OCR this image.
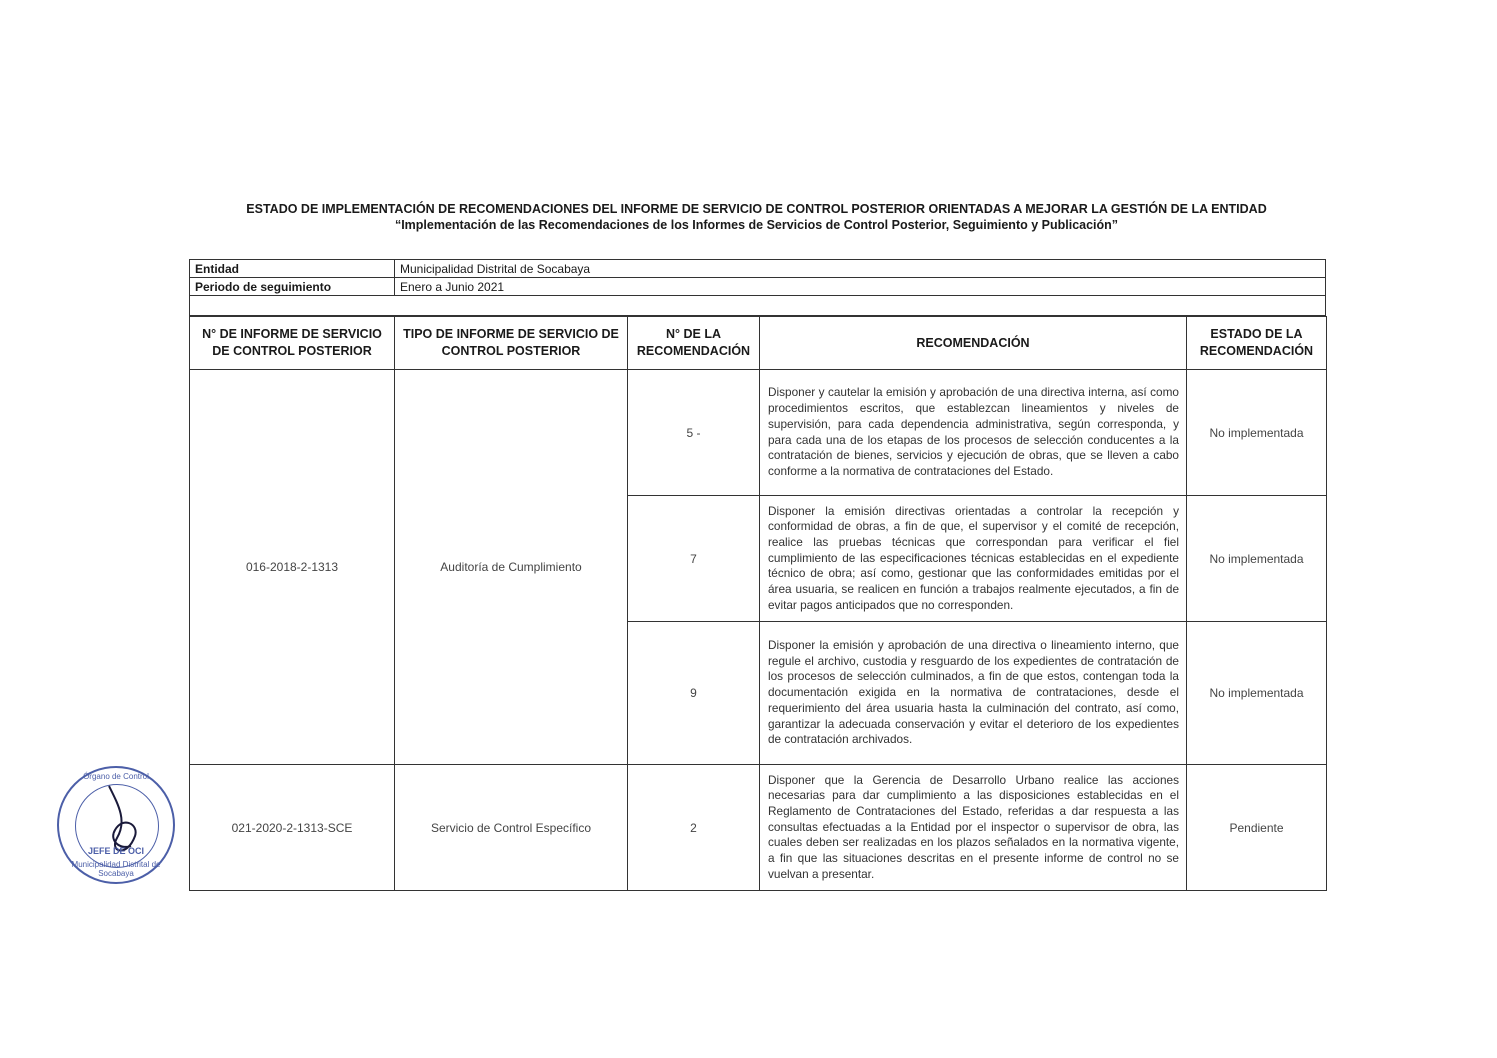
ESTADO DE IMPLEMENTACIÓN DE RECOMENDACIONES DEL INFORME DE SERVICIO DE CONTROL POSTERIOR ORIENTADAS A MEJORAR LA GESTIÓN DE LA ENTIDAD
“Implementación de las Recomendaciones de los Informes de Servicios de Control Posterior, Seguimiento y Publicación”
Entidad	Municipalidad Distrital de Socabaya
Periodo de seguimiento	Enero a Junio 2021

N° DE INFORME DE SERVICIO DE CONTROL POSTERIOR	TIPO DE INFORME DE SERVICIO DE CONTROL POSTERIOR	N° DE LA RECOMENDACIÓN	RECOMENDACIÓN	ESTADO DE LA RECOMENDACIÓN
016-2018-2-1313	Auditoría de Cumplimiento	5 -	Disponer y cautelar la emisión y aprobación de una directiva interna, así como procedimientos escritos, que establezcan lineamientos y niveles de supervisión, para cada dependencia administrativa, según corresponda, y para cada una de los etapas de los procesos de selección conducentes a la contratación de bienes, servicios y ejecución de obras, que se lleven a cabo conforme a la normativa de contrataciones del Estado.	No implementada
		7	Disponer la emisión directivas orientadas a controlar la recepción y conformidad de obras, a fin de que, el supervisor y el comité de recepción, realice las pruebas técnicas que correspondan para verificar el fiel cumplimiento de las especificaciones técnicas establecidas en el expediente técnico de obra; así como, gestionar que las conformidades emitidas por el área usuaria, se realicen en función a trabajos realmente ejecutados, a fin de evitar pagos anticipados que no corresponden.	No implementada
		9	Disponer la emisión y aprobación de una directiva o lineamiento interno, que regule el archivo, custodia y resguardo de los expedientes de contratación de los procesos de selección culminados, a fin de que estos, contengan toda la documentación exigida en la normativa de contrataciones, desde el requerimiento del área usuaria hasta la culminación del contrato, así como, garantizar la adecuada conservación y evitar el deterioro de los expedientes de contratación archivados.	No implementada
021-2020-2-1313-SCE	Servicio de Control Específico	2	Disponer que la Gerencia de Desarrollo Urbano realice las acciones necesarias para dar cumplimiento a las disposiciones establecidas en el Reglamento de Contrataciones del Estado, referidas a dar respuesta a las consultas efectuadas a la Entidad por el inspector o supervisor de obra, las cuales deben ser realizadas en los plazos señalados en la normativa vigente, a fin que las situaciones descritas en el presente informe de control no se vuelvan a presentar.	Pendiente
Órgano de Control
JEFE DE OCI
Municipalidad Distrital de Socabaya
